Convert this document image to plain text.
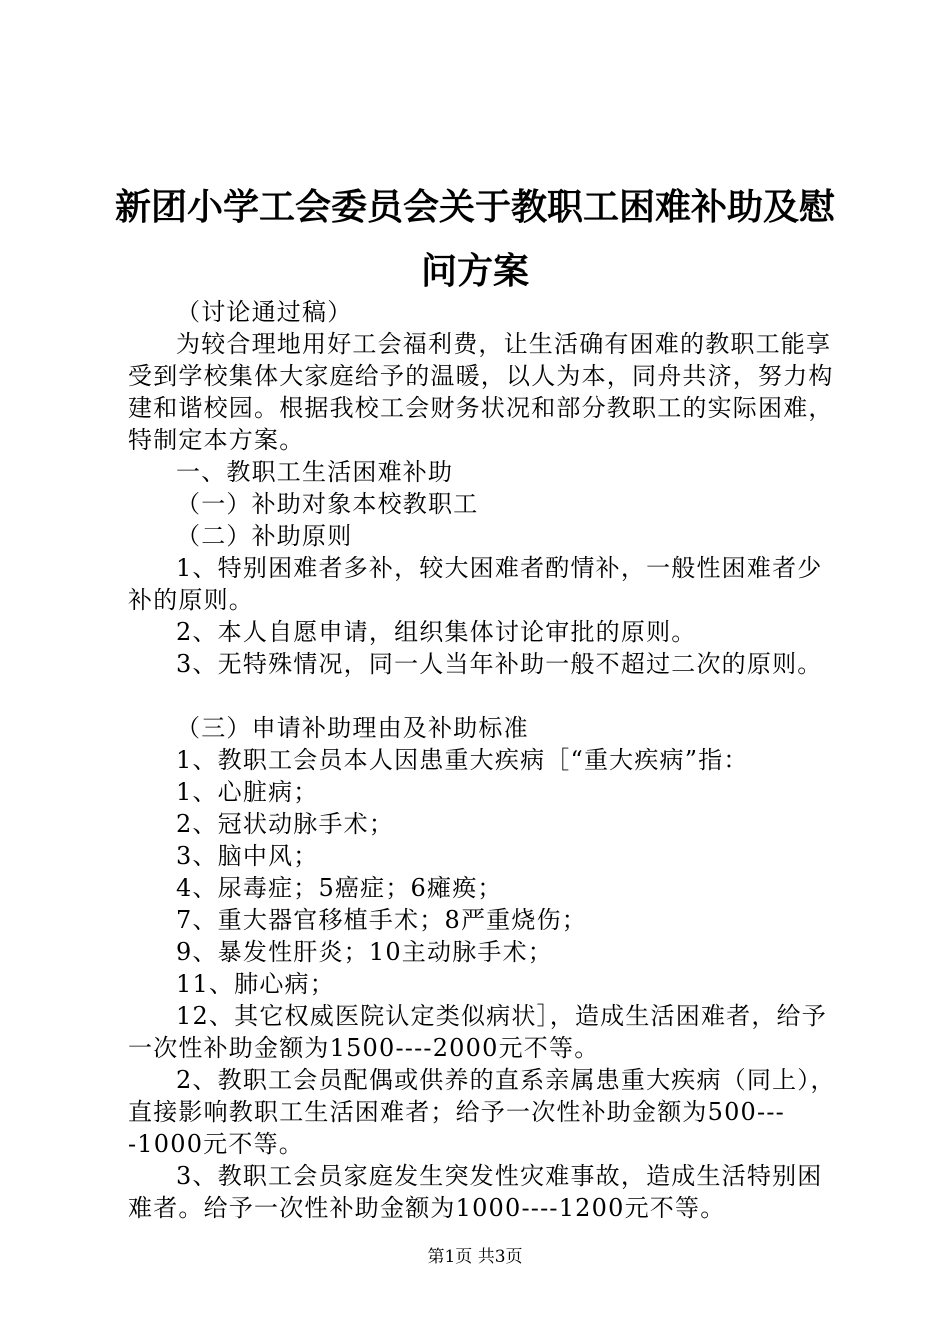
新团小学工会委员会关于教职工困难补助及慰
问方案

（讨论通过稿）

为较合理地用好工会福利费，让生活确有困难的教职工能享受到学校集体大家庭给予的温暖，以人为本，同舟共济，努力构建和谐校园。根据我校工会财务状况和部分教职工的实际困难，特制定本方案。

一、教职工生活困难补助

（一）补助对象本校教职工

（二）补助原则

1、特别困难者多补，较大困难者酌情补，一般性困难者少补的原则。

2、本人自愿申请，组织集体讨论审批的原则。

3、无特殊情况，同一人当年补助一般不超过二次的原则。

（三）申请补助理由及补助标准

1、教职工会员本人因患重大疾病［“重大疾病”指：

1、心脏病；

2、冠状动脉手术；

3、脑中风；

4、尿毒症；5癌症；6瘫痪；

7、重大器官移植手术；8严重烧伤；

9、暴发性肝炎；10主动脉手术；

11、肺心病；

12、其它权威医院认定类似病状］，造成生活困难者，给予一次性补助金额为1500----2000元不等。

2、教职工会员配偶或供养的直系亲属患重大疾病（同上），直接影响教职工生活困难者；给予一次性补助金额为500----1000元不等。

3、教职工会员家庭发生突发性灾难事故，造成生活特别困难者。给予一次性补助金额为1000----1200元不等。

第1页 共3页
